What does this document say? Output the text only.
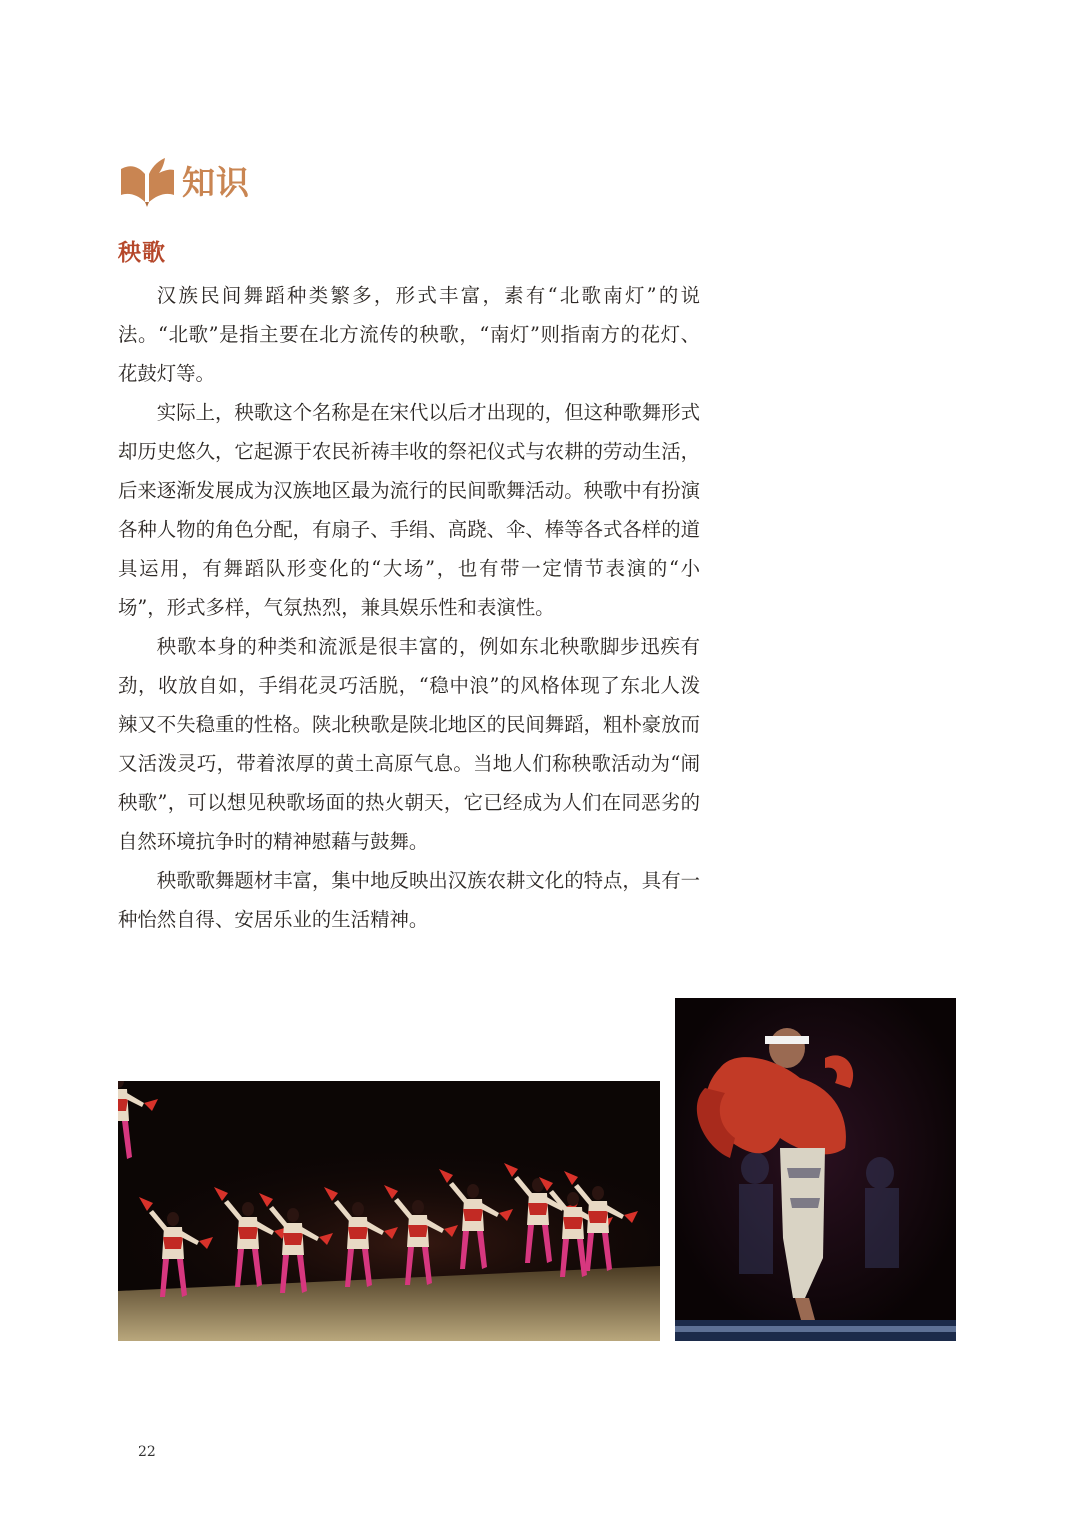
知识
秧歌

汉族民间舞蹈种类繁多，形式丰富，素有“北歌南灯”的说法。“北歌”是指主要在北方流传的秧歌，“南灯”则指南方的花灯、花鼓灯等。

实际上，秧歌这个名称是在宋代以后才出现的，但这种歌舞形式却历史悠久，它起源于农民祈祷丰收的祭祀仪式与农耕的劳动生活，后来逐渐发展成为汉族地区最为流行的民间歌舞活动。秧歌中有扮演各种人物的角色分配，有扇子、手绢、高跷、伞、棒等各式各样的道具运用，有舞蹈队形变化的“大场”，也有带一定情节表演的“小场”，形式多样，气氛热烈，兼具娱乐性和表演性。

秧歌本身的种类和流派是很丰富的，例如东北秧歌脚步迅疾有劲，收放自如，手绢花灵巧活脱，“稳中浪”的风格体现了东北人泼辣又不失稳重的性格。陕北秧歌是陕北地区的民间舞蹈，粗朴豪放而又活泼灵巧，带着浓厚的黄土高原气息。当地人们称秧歌活动为“闹秧歌”，可以想见秧歌场面的热火朝天，它已经成为人们在同恶劣的自然环境抗争时的精神慰藉与鼓舞。

秧歌歌舞题材丰富，集中地反映出汉族农耕文化的特点，具有一种怡然自得、安居乐业的生活精神。

22
